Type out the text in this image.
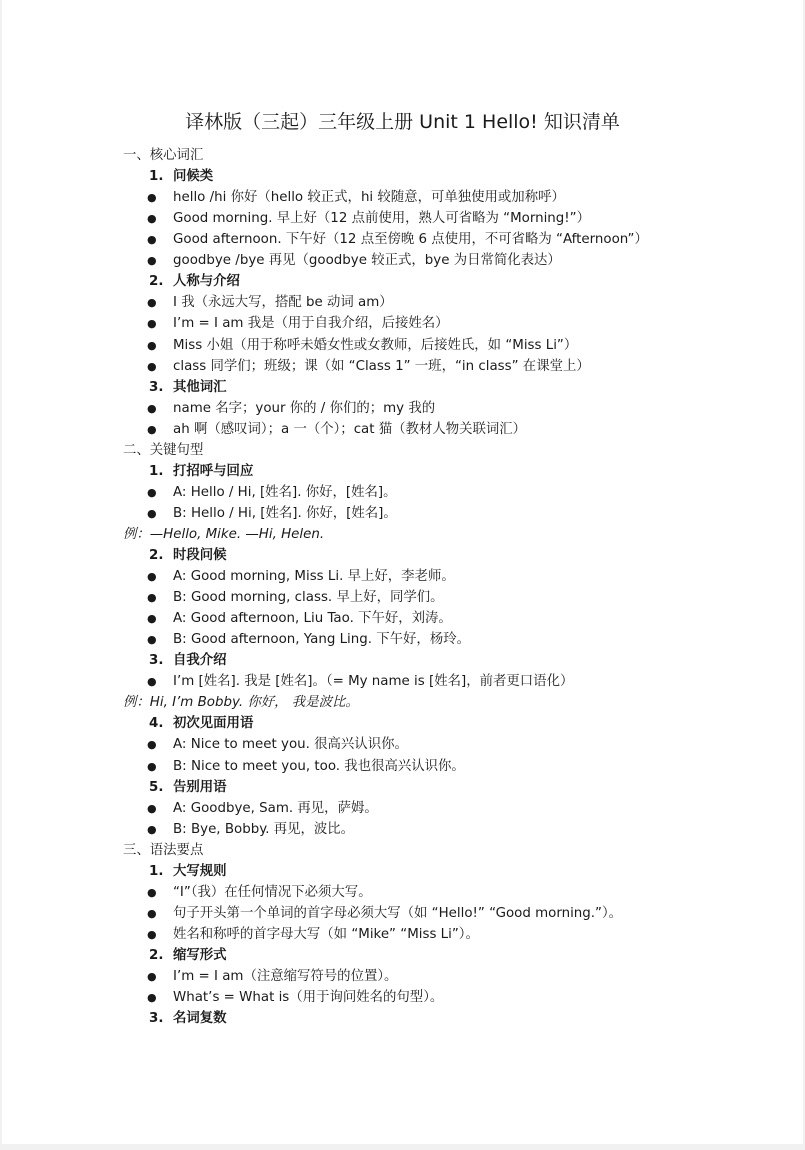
译林版（三起）三年级上册 Unit 1 Hello! 知识清单
一、核心词汇
1. 问候类
● hello /hi 你好（hello 较正式，hi 较随意，可单独使用或加称呼）
● Good morning. 早上好（12 点前使用，熟人可省略为 “Morning!”）
● Good afternoon. 下午好（12 点至傍晚 6 点使用，不可省略为 “Afternoon”）
● goodbye /bye 再见（goodbye 较正式，bye 为日常简化表达）
2. 人称与介绍
● I 我（永远大写，搭配 be 动词 am）
● I’m = I am 我是（用于自我介绍，后接姓名）
● Miss 小姐（用于称呼未婚女性或女教师，后接姓氏，如 “Miss Li”）
● class 同学们；班级；课（如 “Class 1” 一班，“in class” 在课堂上）
3. 其他词汇
● name 名字；your 你的 / 你们的；my 我的
● ah 啊（感叹词）；a 一（个）；cat 猫（教材人物关联词汇）
二、关键句型
1. 打招呼与回应
● A: Hello / Hi, [姓名]. 你好，[姓名]。
● B: Hello / Hi, [姓名]. 你好，[姓名]。
例：—Hello, Mike. —Hi, Helen.
2. 时段问候
● A: Good morning, Miss Li. 早上好，李老师。
● B: Good morning, class. 早上好，同学们。
● A: Good afternoon, Liu Tao. 下午好，刘涛。
● B: Good afternoon, Yang Ling. 下午好，杨玲。
3. 自我介绍
● I’m [姓名]. 我是 [姓名]。（= My name is [姓名]，前者更口语化）
例：Hi, I’m Bobby. 你好， 我是波比。
4. 初次见面用语
● A: Nice to meet you. 很高兴认识你。
● B: Nice to meet you, too. 我也很高兴认识你。
5. 告别用语
● A: Goodbye, Sam. 再见，萨姆。
● B: Bye, Bobby. 再见，波比。
三、语法要点
1. 大写规则
● “I”（我）在任何情况下必须大写。
● 句子开头第一个单词的首字母必须大写（如 “Hello!” “Good morning.”）。
● 姓名和称呼的首字母大写（如 “Mike” “Miss Li”）。
2. 缩写形式
● I’m = I am（注意缩写符号的位置）。
● What’s = What is（用于询问姓名的句型）。
3. 名词复数
